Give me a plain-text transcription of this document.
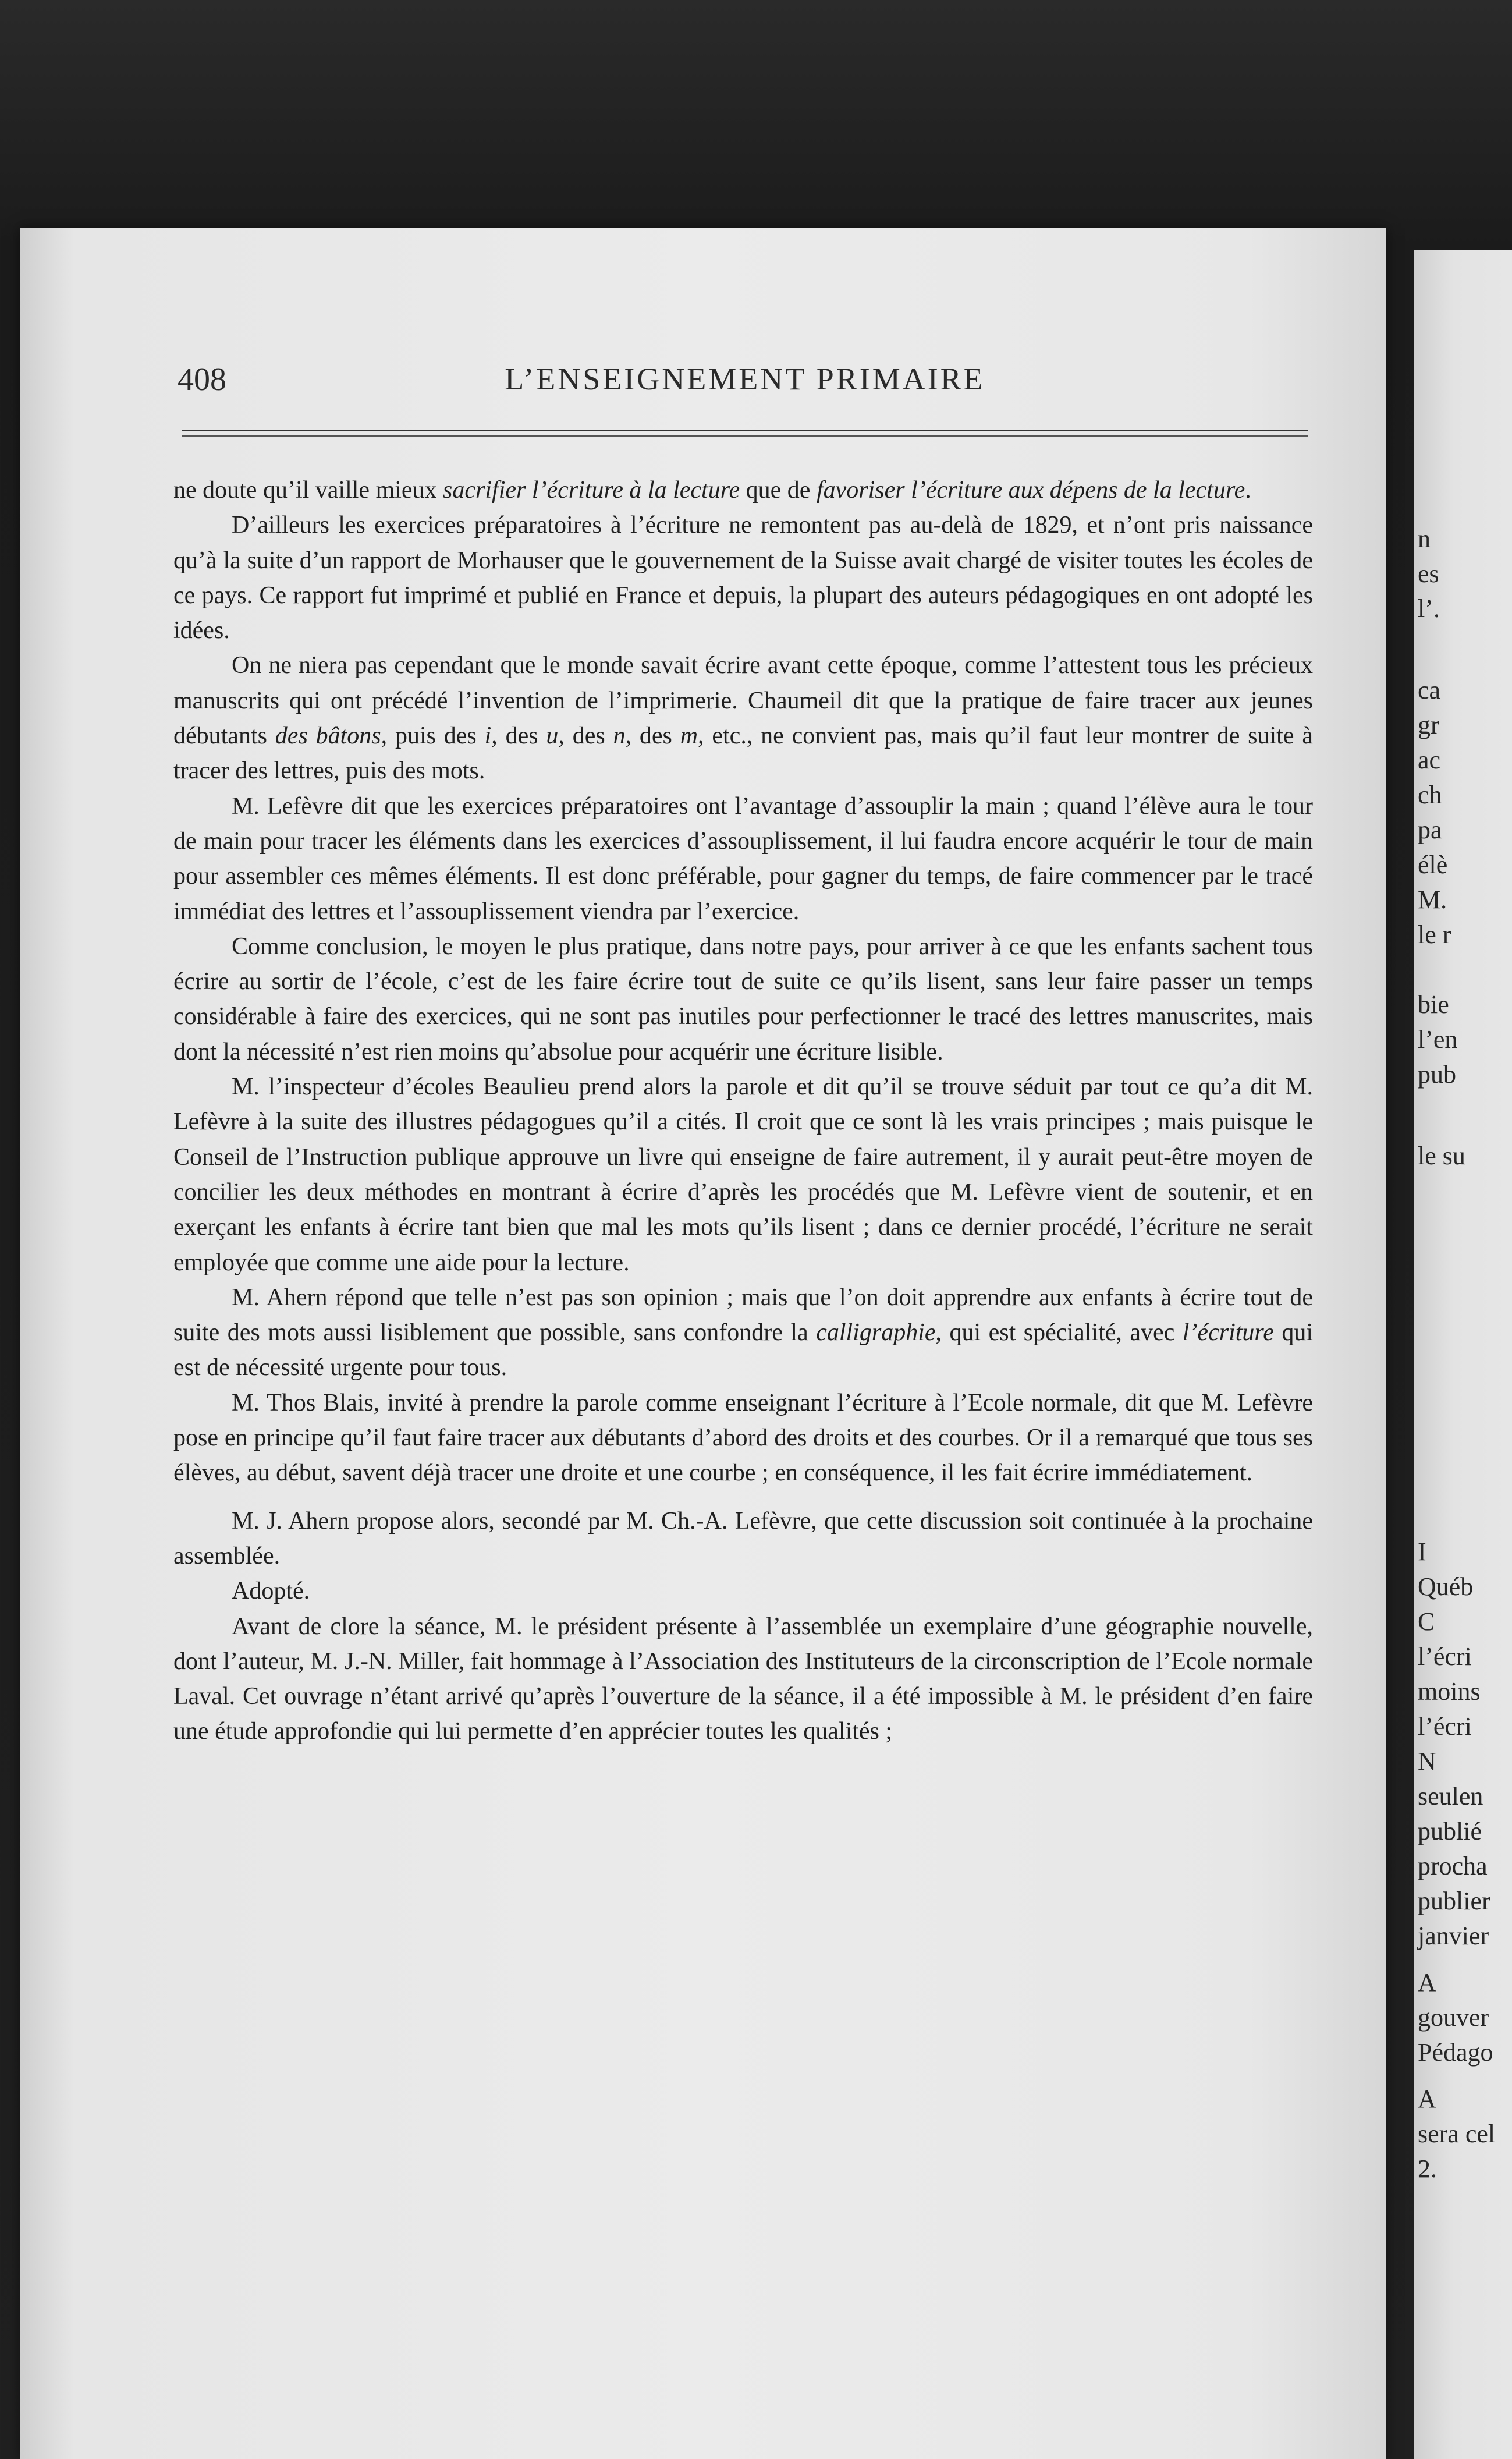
408	L’ENSEIGNEMENT PRIMAIRE

ne doute qu’il vaille mieux sacrifier l’écriture à la lecture que de favoriser l’écriture aux dépens de la lecture.

D’ailleurs les exercices préparatoires à l’écriture ne remontent pas au-delà de 1829, et n’ont pris naissance qu’à la suite d’un rapport de Morhauser que le gouvernement de la Suisse avait chargé de visiter toutes les écoles de ce pays. Ce rapport fut imprimé et publié en France et depuis, la plupart des auteurs pédagogiques en ont adopté les idées.

On ne niera pas cependant que le monde savait écrire avant cette époque, comme l’attestent tous les précieux manuscrits qui ont précédé l’invention de l’imprimerie. Chaumeil dit que la pratique de faire tracer aux jeunes débutants des bâtons, puis des i, des u, des n, des m, etc., ne convient pas, mais qu’il faut leur montrer de suite à tracer des lettres, puis des mots.

M. Lefèvre dit que les exercices préparatoires ont l’avantage d’assouplir la main ; quand l’élève aura le tour de main pour tracer les éléments dans les exercices d’assouplissement, il lui faudra encore acquérir le tour de main pour assembler ces mêmes éléments. Il est donc préférable, pour gagner du temps, de faire commencer par le tracé immédiat des lettres et l’assouplissement viendra par l’exercice.

Comme conclusion, le moyen le plus pratique, dans notre pays, pour arriver à ce que les enfants sachent tous écrire au sortir de l’école, c’est de les faire écrire tout de suite ce qu’ils lisent, sans leur faire passer un temps considérable à faire des exercices, qui ne sont pas inutiles pour perfectionner le tracé des lettres manuscrites, mais dont la nécessité n’est rien moins qu’absolue pour acquérir une écriture lisible.

M. l’inspecteur d’écoles Beaulieu prend alors la parole et dit qu’il se trouve séduit par tout ce qu’a dit M. Lefèvre à la suite des illustres pédagogues qu’il a cités. Il croit que ce sont là les vrais principes ; mais puisque le Conseil de l’Instruction publique approuve un livre qui enseigne de faire autrement, il y aurait peut-être moyen de concilier les deux méthodes en montrant à écrire d’après les procédés que M. Lefèvre vient de soutenir, et en exerçant les enfants à écrire tant bien que mal les mots qu’ils lisent ; dans ce dernier procédé, l’écriture ne serait employée que comme une aide pour la lecture.

M. Ahern répond que telle n’est pas son opinion ; mais que l’on doit apprendre aux enfants à écrire tout de suite des mots aussi lisiblement que possible, sans confondre la calligraphie, qui est spécialité, avec l’écriture qui est de nécessité urgente pour tous.

M. Thos Blais, invité à prendre la parole comme enseignant l’écriture à l’Ecole normale, dit que M. Lefèvre pose en principe qu’il faut faire tracer aux débutants d’abord des droits et des courbes. Or il a remarqué que tous ses élèves, au début, savent déjà tracer une droite et une courbe ; en conséquence, il les fait écrire immédiatement.

M. J. Ahern propose alors, secondé par M. Ch.-A. Lefèvre, que cette discussion soit continuée à la prochaine assemblée.

Adopté.

Avant de clore la séance, M. le président présente à l’assemblée un exemplaire d’une géographie nouvelle, dont l’auteur, M. J.-N. Miller, fait hommage à l’Association des Instituteurs de la circonscription de l’Ecole normale Laval. Cet ouvrage n’étant arrivé qu’après l’ouverture de la séance, il a été impossible à M. le président d’en faire une étude approfondie qui lui permette d’en apprécier toutes les qualités ;

n
es
l’.
ca
gr
ac
ch
pa
élè
M.
le r
bie
l’en
pub
le su
I
Québ
C
l’écri
moins
l’écri
N
seulen
publié
procha
publier
janvier
A
gouver
Pédago
A
sera cel
2.
